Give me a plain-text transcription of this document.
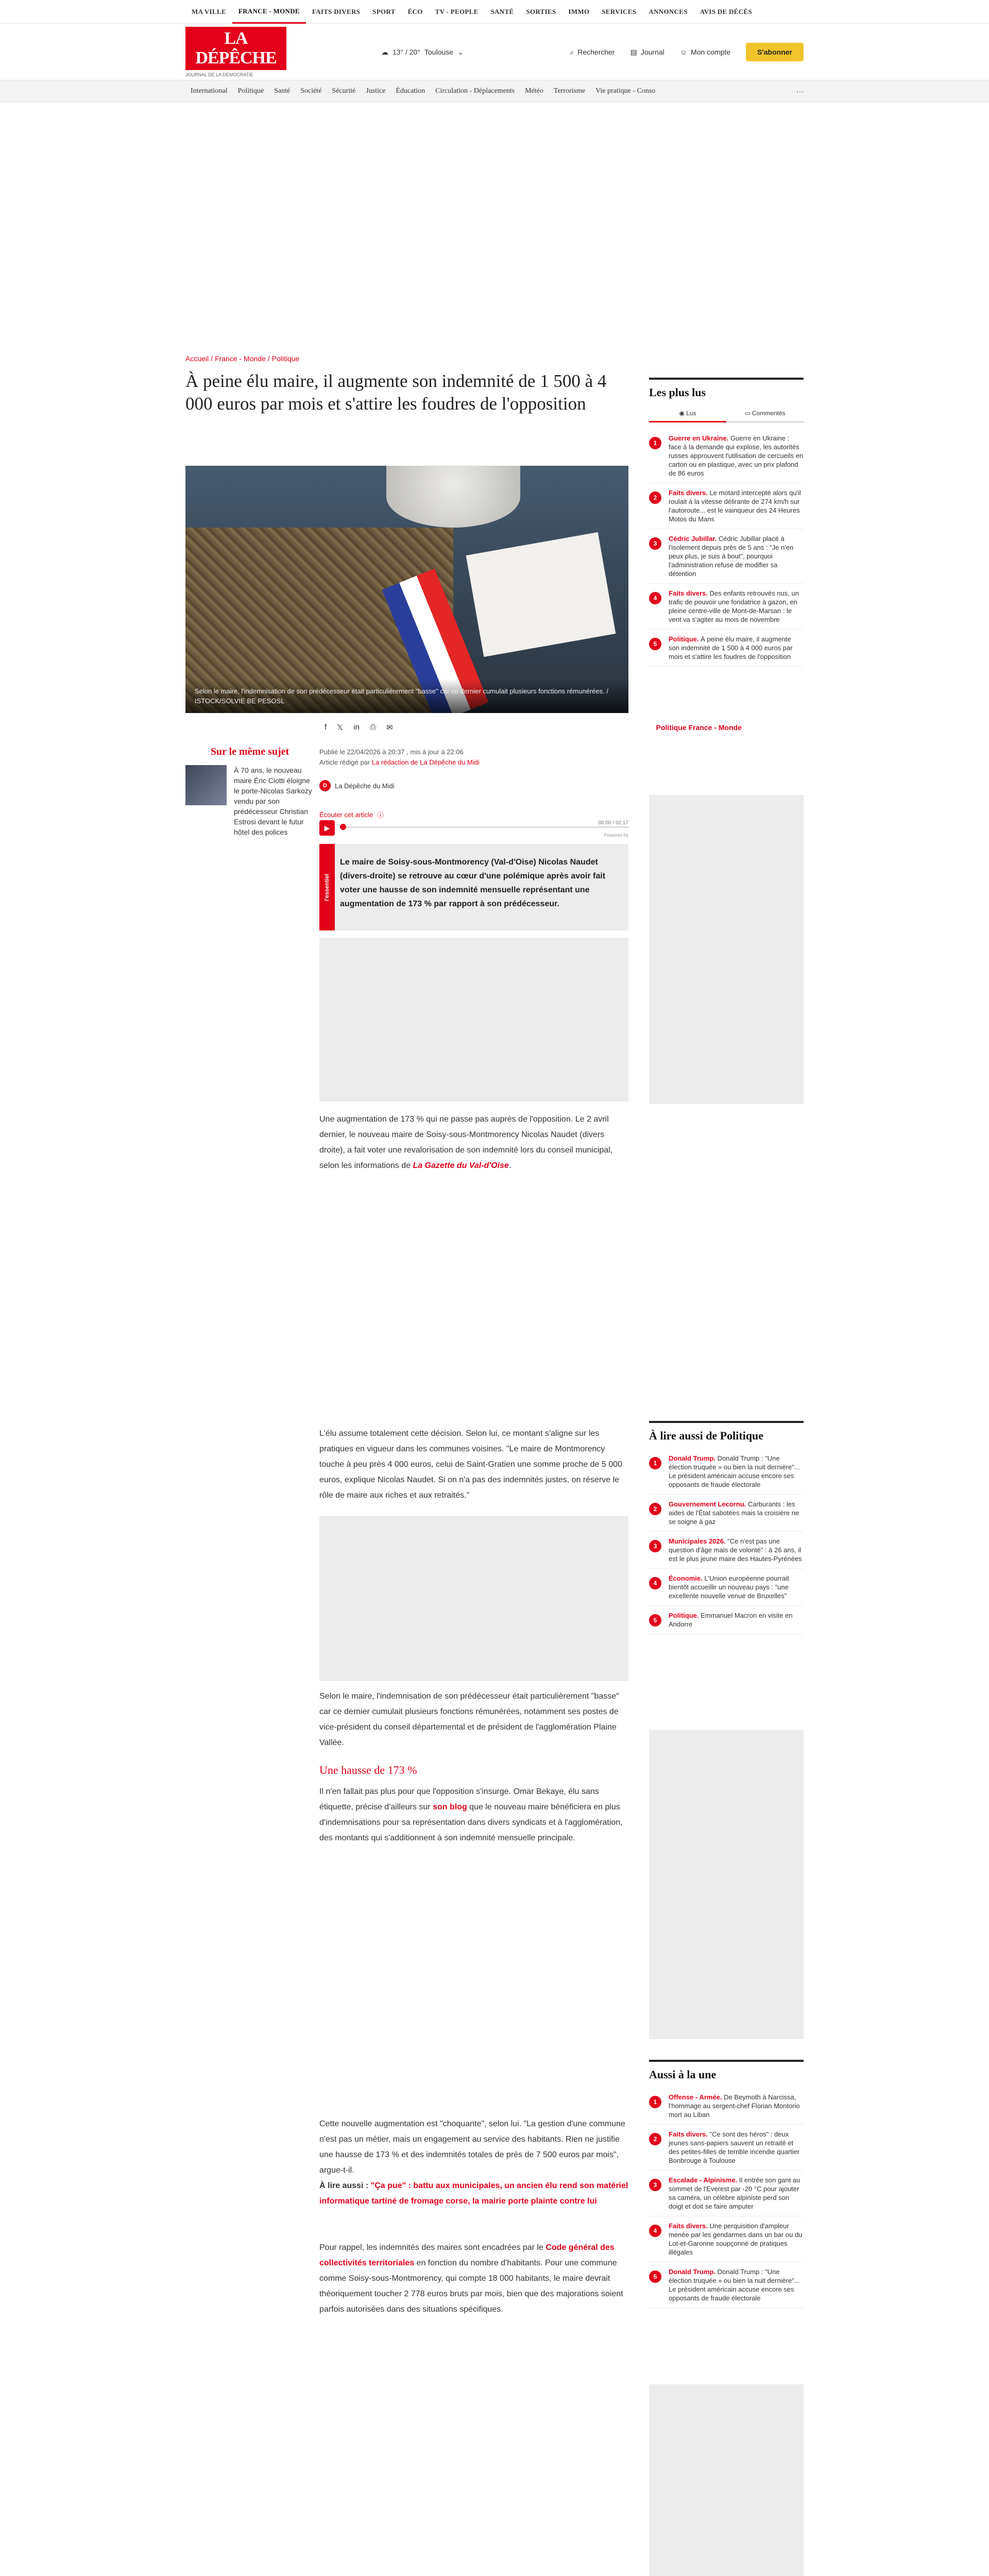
MA VILLE	FRANCE - MONDE	FAITS DIVERS	SPORT	ÉCO	TV - PEOPLE	SANTÉ	SORTIES	IMMO	SERVICES	ANNONCES	AVIS DE DÉCÈS
LA DÉPÊCHE
JOURNAL DE LA DÉMOCRATIE
☁ 13° / 20° Toulouse ⌄	⌕ Rechercher ▤ Journal ☺ Mon compte	S'abonner
International	Politique	Santé	Société	Sécurité	Justice	Éducation	Circulation - Déplacements	Météo	Terrorisme	Vie pratique - Conso	···
Accueil / France - Monde / Politique
À peine élu maire, il augmente son indemnité de 1 500 à 4 000 euros par mois et s'attire les foudres de l'opposition
Selon le maire, l'indemnisation de son prédécesseur était particulièrement "basse" car ce dernier cumulait plusieurs fonctions rémunérées. / ISTOCK/SOLVIE BE PESOSL
f 𝕏 in ⎙ ✉	Politique France - Monde
Publié le 22/04/2026 à 20:37 , mis à jour à 22:06
Article rédigé par La rédaction de La Dépêche du Midi
D	La Dépêche du Midi
Écouter cet article ⓘ
▶
00:00 / 02:17
Powered by
l'essentiel
Le maire de Soisy-sous-Montmorency (Val-d'Oise) Nicolas Naudet (divers-droite) se retrouve au cœur d'une polémique après avoir fait voter une hausse de son indemnité mensuelle représentant une augmentation de 173 % par rapport à son prédécesseur.
Sur le même sujet

À 70 ans, le nouveau maire Éric Ciotti éloigne le porte-Nicolas Sarkozy vendu par son prédécesseur Christian Estrosi devant le futur hôtel des polices

Une augmentation de 173 % qui ne passe pas auprès de l'opposition. Le 2 avril dernier, le nouveau maire de Soisy-sous-Montmorency Nicolas Naudet (divers droite), a fait voter une revalorisation de son indemnité lors du conseil municipal, selon les informations de La Gazette du Val-d'Oise.
L'élu assume totalement cette décision. Selon lui, ce montant s'aligne sur les pratiques en vigueur dans les communes voisines. "Le maire de Montmorency touche à peu près 4 000 euros, celui de Saint-Gratien une somme proche de 5 000 euros, explique Nicolas Naudet. Si on n'a pas des indemnités justes, on réserve le rôle de maire aux riches et aux retraités."
Selon le maire, l'indemnisation de son prédécesseur était particulièrement "basse" car ce dernier cumulait plusieurs fonctions rémunérées, notamment ses postes de vice-président du conseil départemental et de président de l'agglomération Plaine Vallée.
Une hausse de 173 %
Il n'en fallait pas plus pour que l'opposition s'insurge. Omar Bekaye, élu sans étiquette, précise d'ailleurs sur son blog que le nouveau maire bénéficiera en plus d'indemnisations pour sa représentation dans divers syndicats et à l'agglomération, des montants qui s'additionnent à son indemnité mensuelle principale.
Cette nouvelle augmentation est "choquante", selon lui. "La gestion d'une commune n'est pas un métier, mais un engagement au service des habitants. Rien ne justifie une hausse de 173 % et des indemnités totales de près de 7 500 euros par mois", argue-t-il.
À lire aussi : "Ça pue" : battu aux municipales, un ancien élu rend son matériel informatique tartiné de fromage corse, la mairie porte plainte contre lui
Pour rappel, les indemnités des maires sont encadrées par le Code général des collectivités territoriales en fonction du nombre d'habitants. Pour une commune comme Soisy-sous-Montmorency, qui compte 18 000 habitants, le maire devrait théoriquement toucher 2 778 euros bruts par mois, bien que des majorations soient parfois autorisées dans des situations spécifiques.
Les plus lus
◉ Lus	▭ Commentés
1

Guerre en Ukraine. Guerre en Ukraine : face à la demande qui explose, les autorités russes approuvent l'utilisation de cercueils en carton ou en plastique, avec un prix plafond de 86 euros

2

Faits divers. Le motard intercepté alors qu'il roulait à la vitesse délirante de 274 km/h sur l'autoroute... est le vainqueur des 24 Heures Motos du Mans

3

Cédric Jubillar. Cédric Jubillar placé à l'isolement depuis près de 5 ans : "Je n'en peux plus, je suis à bout", pourquoi l'administration refuse de modifier sa détention

4

Faits divers. Des enfants retrouvés nus, un trafic de pouvoir une fondatrice à gazon, en pleine centre-ville de Mont-de-Marsan : le vent va s'agiter au mois de novembre

5

Politique. À peine élu maire, il augmente son indemnité de 1 500 à 4 000 euros par mois et s'attire les foudres de l'opposition

À lire aussi de Politique
1

Donald Trump. Donald Trump : "Une élection truquée » ou bien la nuit dernière"... Le président américain accuse encore ses opposants de fraude électorale

2

Gouvernement Lecornu. Carburants : les aides de l'État sabotées mais la croisière ne se soigne à gaz

3

Municipales 2026. "Ce n'est pas une question d'âge mais de volonté" : à 26 ans, il est le plus jeune maire des Hautes-Pyrénées

4

Économie. L'Union européenne pourrait bientôt accueillir un nouveau pays : "une excellente nouvelle venue de Bruxelles"

5

Politique. Emmanuel Macron en visite en Andorre

Aussi à la une
1

Offense - Armée. De Beymoth à Narcissa, l'hommage au sergent-chef Florian Montorio mort au Liban

2

Faits divers. "Ce sont des héros" : deux jeunes sans-papiers sauvent un retraité et des petites-filles de terrible incendie quartier Bonbrouge à Toulouse

3

Escalade - Alpinisme. Il entrée son gant au sommet de l'Everest par -20 °C pour ajouter sa caméra, un célèbre alpiniste perd son doigt et doit se faire amputer

4

Faits divers. Une perquisition d'ampleur menée par les gendarmes dans un bar ou du Lot-et-Garonne soupçonné de pratiques illégales

5

Donald Trump. Donald Trump : "Une élection truquée » ou bien la nuit dernière"... Le président américain accuse encore ses opposants de fraude électorale
